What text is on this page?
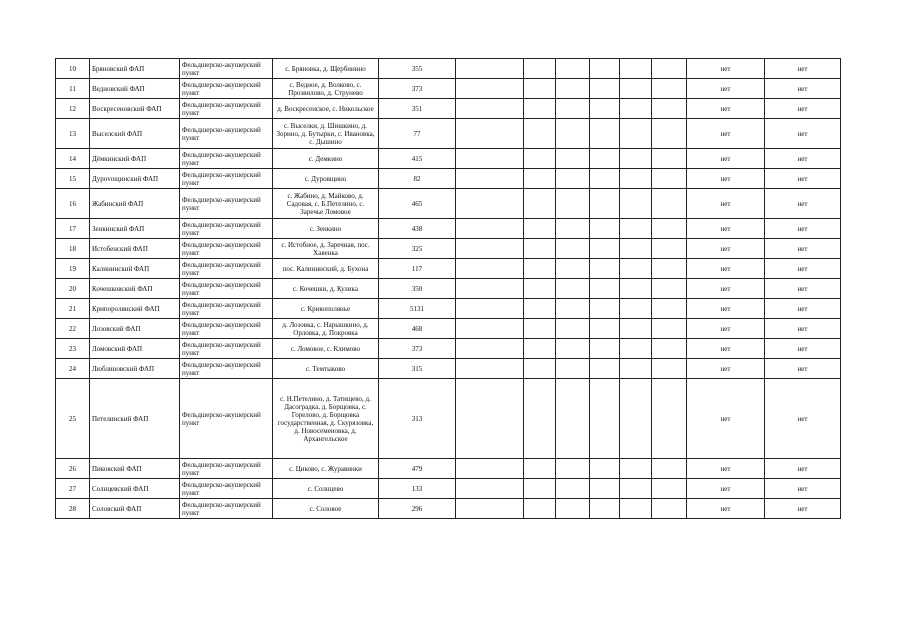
10	Бряновский ФАП	Фельдшерско-акушерский пункт	с. Бряновка, д. Щербинино	355							нет	нет
11	Ведновский ФАП	Фельдшерско-акушерский пункт	с. Ведное, д. Волково, с. Прозвилово, д. Струнево	373							нет	нет
12	Воскресеновский ФАП	Фельдшерско-акушерский пункт	д. Воскресенское, с. Никольское	351							нет	нет
13	Выселский ФАП	Фельдшерско-акушерский пункт	с. Выселки, д. Шишкино, д. Зорино, д. Бутырки, с. Ивановка, с. Дышино	77							нет	нет
14	Дёмкинский ФАП	Фельдшерско-акушерский пункт	с. Демкино	415							нет	нет
15	Дурovoщинский ФАП	Фельдшерско-акушерский пункт	с. Дуровщино	82							нет	нет
16	Жабинский ФАП	Фельдшерско-акушерский пункт	с. Жабино, д. Майково, д. Садовая, с. Б.Петелино, с. Заречье Ломовое	465							нет	нет
17	Зенкинский ФАП	Фельдшерско-акушерский пункт	с. Зенкино	438							нет	нет
18	Истобенский ФАП	Фельдшерско-акушерский пункт	с. Истобное, д. Заречная, пос. Хавенка	325							нет	нет
19	Калининский ФАП	Фельдшерско-акушерский пункт	пос. Калининский, д. Бухона	117							нет	нет
20	Кочешковский ФАП	Фельдшерско-акушерский пункт	с. Кочешки, д. Куликa	350							нет	нет
21	Крипopoлянский ФАП	Фельдшерско-акушерский пункт	с. Кривополянье	5131							нет	нет
22	Лозовский ФАП	Фельдшерско-акушерский пункт	д. Лозовка, с. Нарышкино, д. Орловка, д. Покровка	468							нет	нет
23	Ломовский ФАП	Фельдшерско-акушерский пункт	с. Ломовое, с. Климово	373							нет	нет
24	Люблиновский ФАП	Фельдшерско-акушерский пункт	с. Темтыково	315							нет	нет
25	Петелинский ФАП	Фельдшерско-акушерский пункт	с. Н.Петелино, д. Татищево, д. Дасоградка, д. Борщовка, с. Горелово, д. Борщовка государственная, д. Скурязовка, д. Новосеменовка, д. Архангельское	313							нет	нет
26	Пиковский ФАП	Фельдшерско-акушерский пункт	с. Циково, с. Журавинки	479							нет	нет
27	Солнцевский ФАП	Фельдшерско-акушерский пункт	с. Солнцево	133							нет	нет
28	Соловский ФАП	Фельдшерско-акушерский пункт	с. Соловое	296							нет	нет
